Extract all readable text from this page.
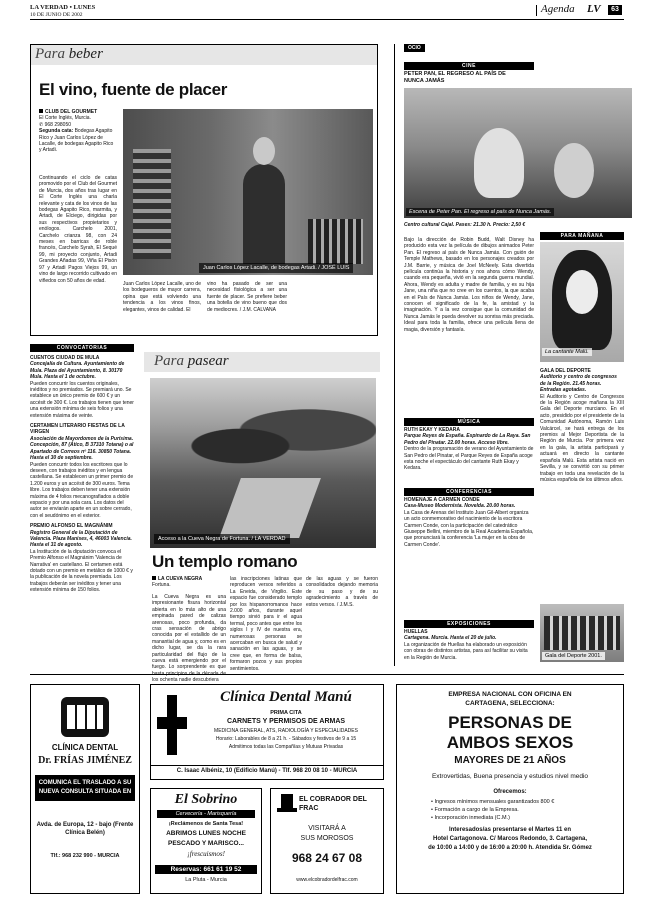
LA VERDAD • LUNES
10 DE JUNIO DE 2002	Agenda LV	63
Para beber
El vino, fuente de placer
CLUB DEL GOURMET
El Corte Inglés, Murcia.
✆ 968 298050
Segunda cata: Bodegas Agapito Rico y Juan Carlos López de Lacalle, de bodegas Agapito Rico y Artadi.
Continuando el ciclo de catas promovido por el Club del Gourmet de Murcia, dos años tras lugar en El Corte Inglés una charla relevante y cata de los vinos de las bodegas Agapito Rico, marmita, y Artadi, de Elciego, dirigidas por sus respectivos propietarios y enólogos. Carchelo 2001, Carchelo crianza 98, con 24 meses en barricas de roble francés, Carchelo Syrah, El Sequé 99, mi proyecto conjunto, Artadi Grandes Añadas 99, Viña El Pisón 97 y Artadi Pagos Viejos 99, un vino de largo recorrido cultivado en viñedos con 50 años de edad.
Juan Carlos López Lacalle, de bodegas Artadi. / JOSÉ LUIS
Juan Carlos López Lacalle, uno de los bodegueros de mayor carrera, opina que está volviendo una tendencia a los vinos finos, elegantes, vinos de calidad. El
vino ha pasado de ser una necesidad fisiológica a ser una fuente de placer. Se prefiere beber una botella de vino bueno que dos de mediocres. / J.M. CALVANA
CONVOCATORIAS
CUENTOS CIUDAD DE MULA
Concejalía de Cultura. Ayuntamiento de Mula. Plaza del Ayuntamiento, 8. 30170 Mula. Hasta el 1 de octubre.
Pueden concurrir los cuentos originales, inéditos y no premiados. Se premiará uno. Se establece un único premio de 600 € y un accésit de 300 €. Los trabajos tienen que tener una extensión mínima de seis folios y una extensión máxima de veinte.
CERTAMEN LITERARIO FIESTAS DE LA VIRGEN
Asociación de Mayordomos de la Purísima. Concepción, 87 (Ático, B 37310 Totana) o al Apartado de Correos nº 116. 30850 Totana. Hasta el 30 de septiembre.
Pueden concurrir todos los escritores que lo deseen, con trabajos inéditos y en lengua castellana. Se establecen un primer premio de 1.200 euros y un accésit de 300 euros. Tema libre. Los trabajos deben tener una extensión máxima de 4 folios mecanografiados a doble espacio y por una sola cara. Los datos del autor se enviarán aparte en un sobre cerrado, con el seudónimo en el exterior.
PREMIO ALFONSO EL MAGNÁNIM
Registro General de la Diputación de Valencia. Plaza Manises, 4, 46003 Valencia. Hasta el 31 de agosto.
La Institución de la diputación convoca el Premio Alfonso el Magnánim 'Valencia de Narrativa' en castellano. El certamen está dotado con un premio en metálico de 1000 € y la publicación de la novela premiada. Los trabajos deberán ser inéditos y tener una extensión mínima de 150 folios.
Para pasear
Acceso a la Cueva Negra de Fortuna. / LA VERDAD
Un templo romano
LA CUEVA NEGRA
Fortuna.
La Cueva Negra es una impresionante fisura horizontal abierta en lo más alto de una empinada pared de calizas arenosas, poco profunda, da cras sensación de abrigo conocida por el estallido de un manantial de agua y, como es en dicho lugar, se da la rara particularidad del flujo de la cueva está emergiendo por el fuego. Lo sorprendente es que los ochenta nadie descubriera
las inscripciones latinas que reproducen versos referidos a La Eneida, de Virgilio. Este espacio fue considerado templo por los hispanorromanos hace 2.000 años, durante aquel tiempo sirvió para ir el agua termal, poco antes que entre los siglos I y IV de nuestra era, numerosas personas se acercaban en busca de salud y sanación en las aguas, y se cree que, en forma de balsa, formaron pozos y sus propios sentimientos.
de las aguas y se fueron consolidados dejando memoria de su paso y de su agradecimiento a través de estos versos. / J.M.S.
OCIO
CINE
PETER PAN, EL REGRESO AL PAÍS DE NUNCA JAMÁS
Escena de Peter Pan. El regreso al país de Nunca Jamás.
Centro cultural Cajal. Pases: 21.30 h. Precio: 2,50 €
Bajo la dirección de Robin Budd, Walt Disney ha producido esta vez la película de dibujos animados Peter Pan. El regreso al país de Nunca Jamás. Con guión de Temple Mathews, basado en los personajes creados por J.M. Barrie, y música de Joel McNeely. Esta divertida película continúa la historia y nos ahora cómo Wendy, cuando era pequeña, vivió en la segunda guerra mundial. Ahora, Wendy es adulta y madre de familia, y es su hija Jane, una niña que no cree en los cuentos, la que acaba en el País de Nunca Jamás. Los niños de Wendy, Jane, conocen el significado de la fe, la amistad y la imaginación. Y a la vez consigue que la comunidad de Nunca Jamás le pueda devolver su sonrisa más preciada. Ideal para toda la familia, ofrece una película llena de magia, diversión y fantasía.
MÚSICA
RUTH EKAY Y KEDARA
Parque Reyes de España. Espinardo de La Raya. San Pedro del Pinatar. 22.00 horas. Acceso libre.
Dentro de la programación de verano del Ayuntamiento de San Pedro del Pinatar, el Parque Reyes de España acoge esta noche el espectáculo del cantante Ruth Ekay y Kedara.
CONFERENCIAS
HOMENAJE A CARMEN CONDE
Casa-Museo Modernista. Novelda. 20.00 horas.
La Casa de Arenas del Instituto Juan Gil-Albert organiza un acto conmemorativo del nacimiento de la escritora Carmen Conde, con la participación del catedrático Giuseppe Bellini, miembro de la Real Academia Española, que pronunciará la conferencia 'La mujer en la obra de Carmen Conde'.
EXPOSICIONES
HUELLAS
Cartagena. Murcia. Hasta el 20 de julio.
La organización de Huellas ha elaborado un exposición con obras de distintos artistas, para así facilitar su visita en la Región de Murcia.
PARA MAÑANA
La cantante Malú.
GALA DEL DEPORTE
Auditorio y centro de congresos de la Región. 21.45 horas. Entradas agotadas.
El Auditorio y Centro de Congresos de la Región acoge mañana la XIII Gala del Deporte murciano. En el acto, presidido por el presidente de la Comunidad Autónoma, Ramón Luis Valcárcel, se hará entrega de los premios al Mejor Deportista de la Región de Murcia. Por primera vez en la gala, la artista participará y actuará en directo la cantante española Malú. Esta artista nació en Sevilla, y se convirtió con su primer trabajo en toda una revelación de la música española de los últimos años.
Gala del Deporte 2001.
CLÍNICA DENTAL
Dr. FRÍAS JIMÉNEZ
COMUNICA EL TRASLADO A SU NUEVA CONSULTA SITUADA EN
Avda. de Europa, 12 - bajo (Frente Clínica Belén)
Tlf.: 968 232 990 - MURCIA
Clínica Dental Manú
PRIMA CITA
CARNETS Y PERMISOS DE ARMAS
MEDICINA GENERAL, ATS, RADIOLOGÍA Y ESPECIALIDADES
Horario: Laborables de 8 a 21 h. - Sábados y festivos de 9 a 15
Admitimos todas las Compañías y Mutuas Privadas
C. Isaac Albéniz, 10 (Edificio Manú) - Tlf. 968 20 08 10 - MURCIA
El Sobrino
Cervecería - Marisquería
¡Reclámenos de Santa Tesa!
ABRIMOS LUNES NOCHE
PESCADO Y MARISCO...
¡frescuismos!
Reservas: 661 61 19 52
La Pluta - Murcia
EL COBRADOR DEL FRAC
VISITARÁ A
SUS MOROSOS
968 24 67 08
www.elcobradordelfrac.com
EMPRESA NACIONAL CON OFICINA EN
CARTAGENA, SELECCIONA:
PERSONAS DE
AMBOS SEXOS
MAYORES DE 21 AÑOS
Extrovertidas, Buena presencia y estudios nivel medio
Ofrecemos:
• Ingresos mínimos mensuales garantizados 800 €
• Formación a cargo de la Empresa.
• Incorporación inmediata (C.M.)
Interesados/as presentarse el Martes 11 en
Hotel Cartagonova. C/ Marcos Redondo, 3. Cartagena,
de 10:00 a 14:00 y de 16:00 a 20:00 h. Atendida Sr. Gómez
